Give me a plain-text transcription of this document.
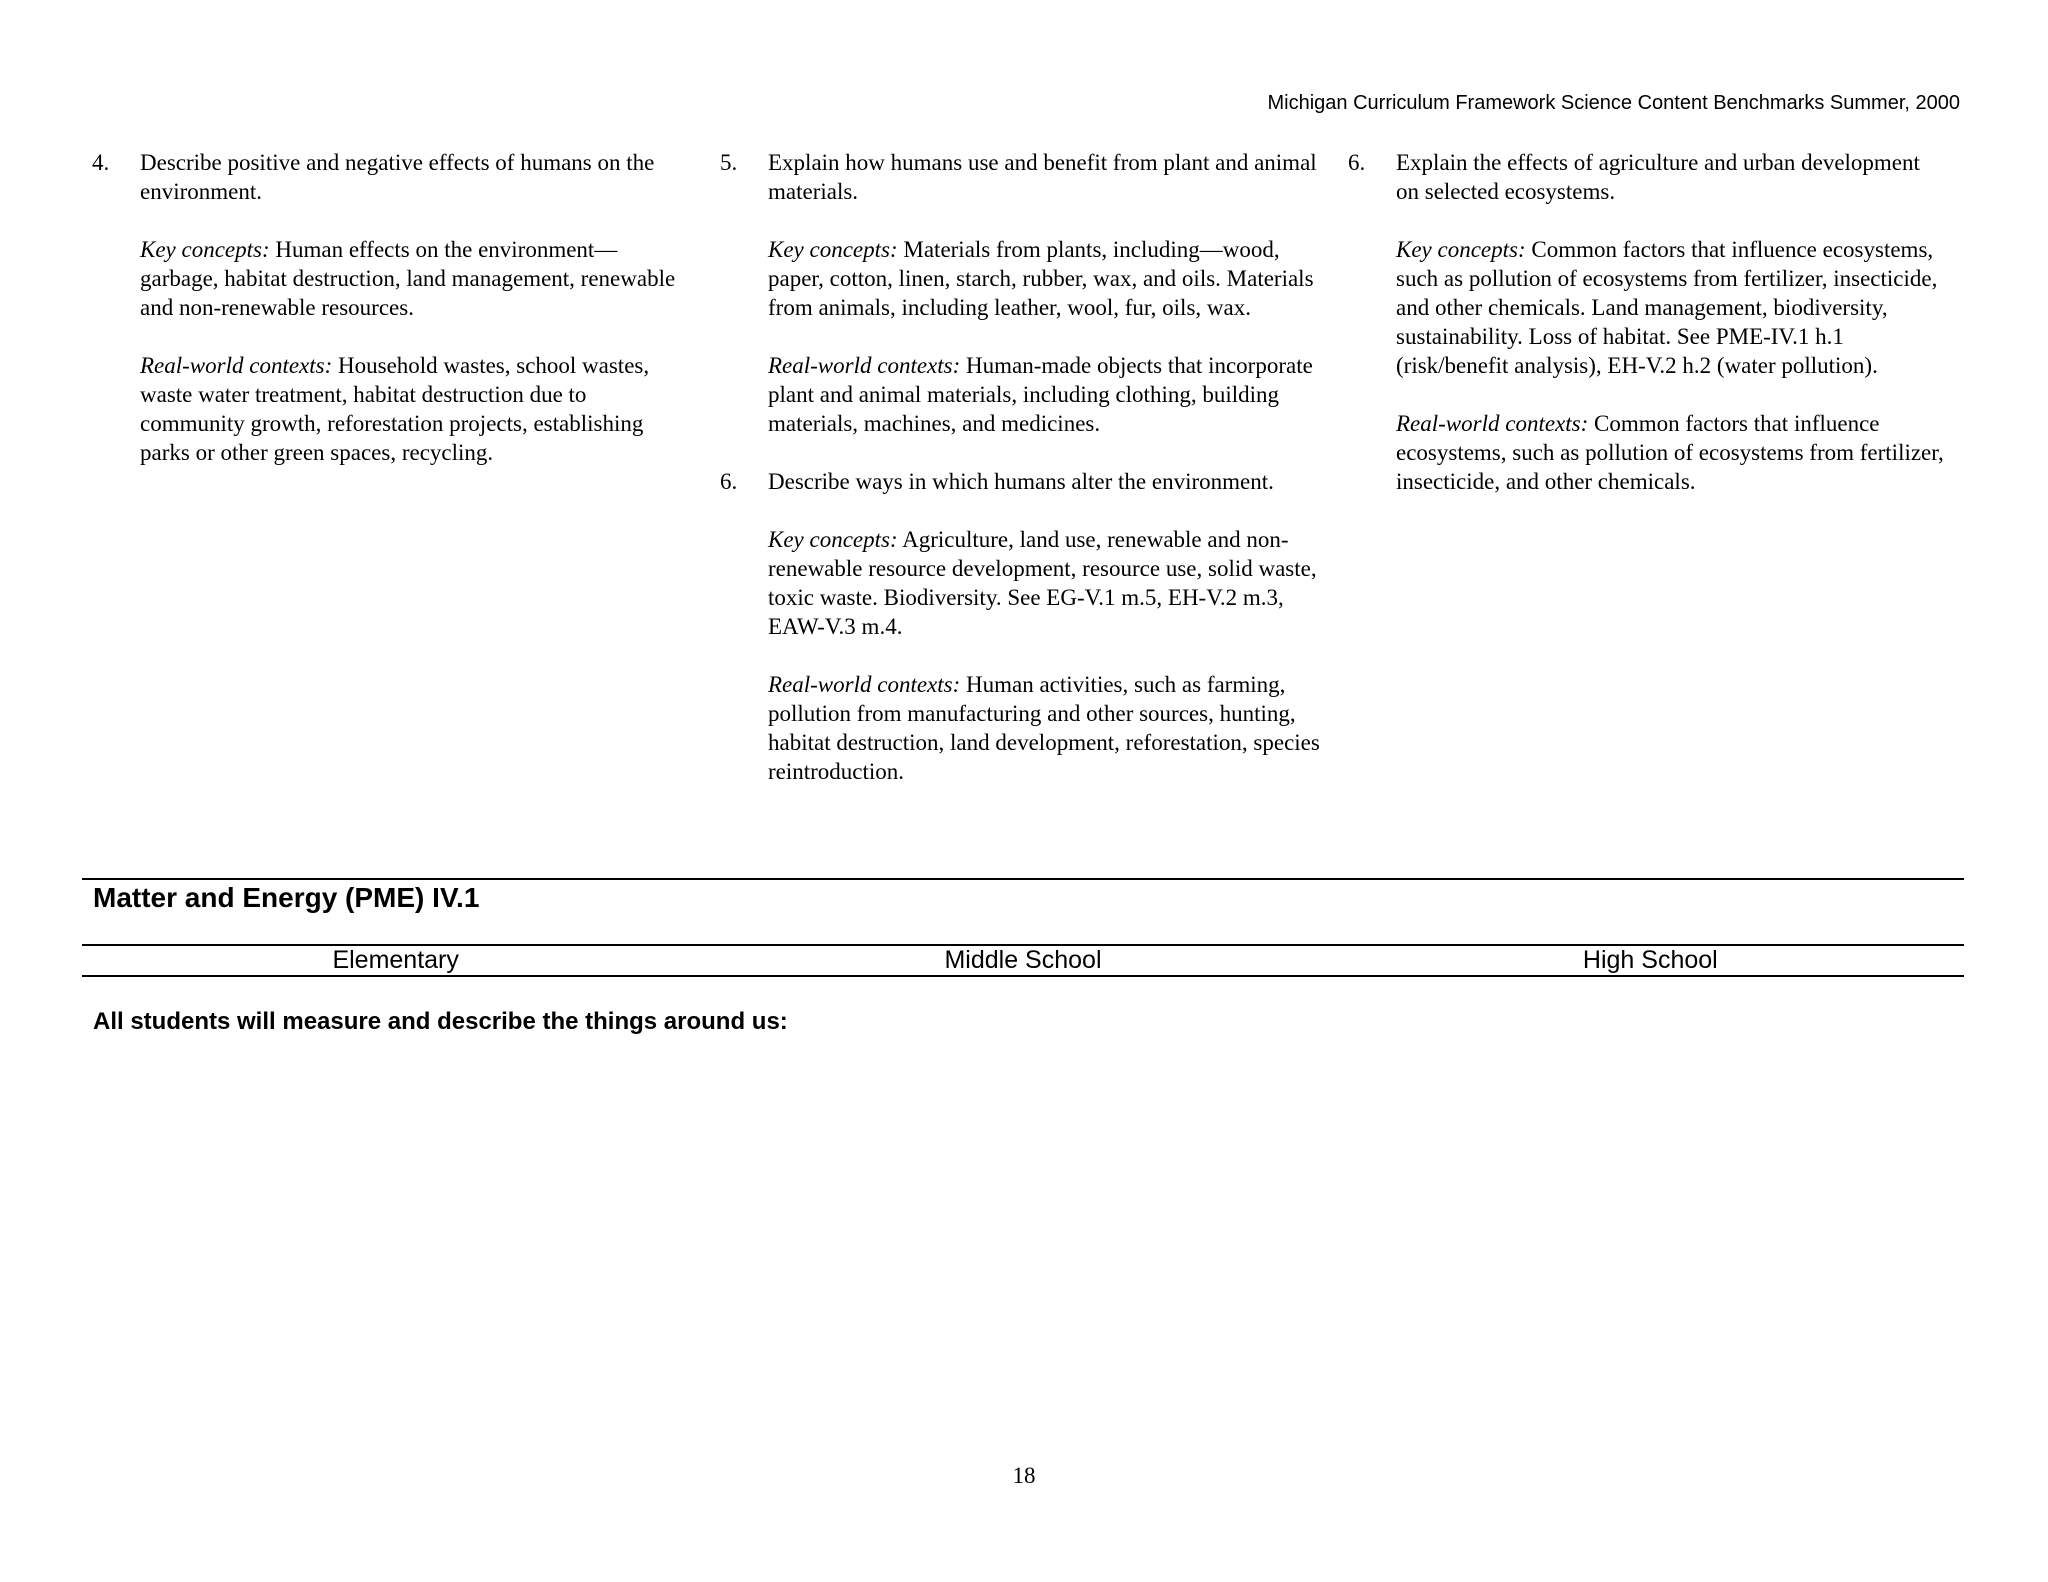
Michigan Curriculum Framework Science Content Benchmarks Summer, 2000
4. Describe positive and negative effects of humans on the environment.

Key concepts: Human effects on the environment—garbage, habitat destruction, land management, renewable and non-renewable resources.

Real-world contexts: Household wastes, school wastes, waste water treatment, habitat destruction due to community growth, reforestation projects, establishing parks or other green spaces, recycling.

5. Explain how humans use and benefit from plant and animal materials.

Key concepts: Materials from plants, including—wood, paper, cotton, linen, starch, rubber, wax, and oils. Materials from animals, including leather, wool, fur, oils, wax.

Real-world contexts: Human-made objects that incorporate plant and animal materials, including clothing, building materials, machines, and medicines.

6. Describe ways in which humans alter the environment.

Key concepts: Agriculture, land use, renewable and non-renewable resource development, resource use, solid waste, toxic waste. Biodiversity. See EG-V.1 m.5, EH-V.2 m.3, EAW-V.3 m.4.

Real-world contexts: Human activities, such as farming, pollution from manufacturing and other sources, hunting, habitat destruction, land development, reforestation, species reintroduction.

6. Explain the effects of agriculture and urban development on selected ecosystems.

Key concepts: Common factors that influence ecosystems, such as pollution of ecosystems from fertilizer, insecticide, and other chemicals. Land management, biodiversity, sustainability. Loss of habitat. See PME-IV.1 h.1 (risk/benefit analysis), EH-V.2 h.2 (water pollution).

Real-world contexts: Common factors that influence ecosystems, such as pollution of ecosystems from fertilizer, insecticide, and other chemicals.

Matter and Energy (PME) IV.1
Elementary	Middle School	High School
All students will measure and describe the things around us:
18
